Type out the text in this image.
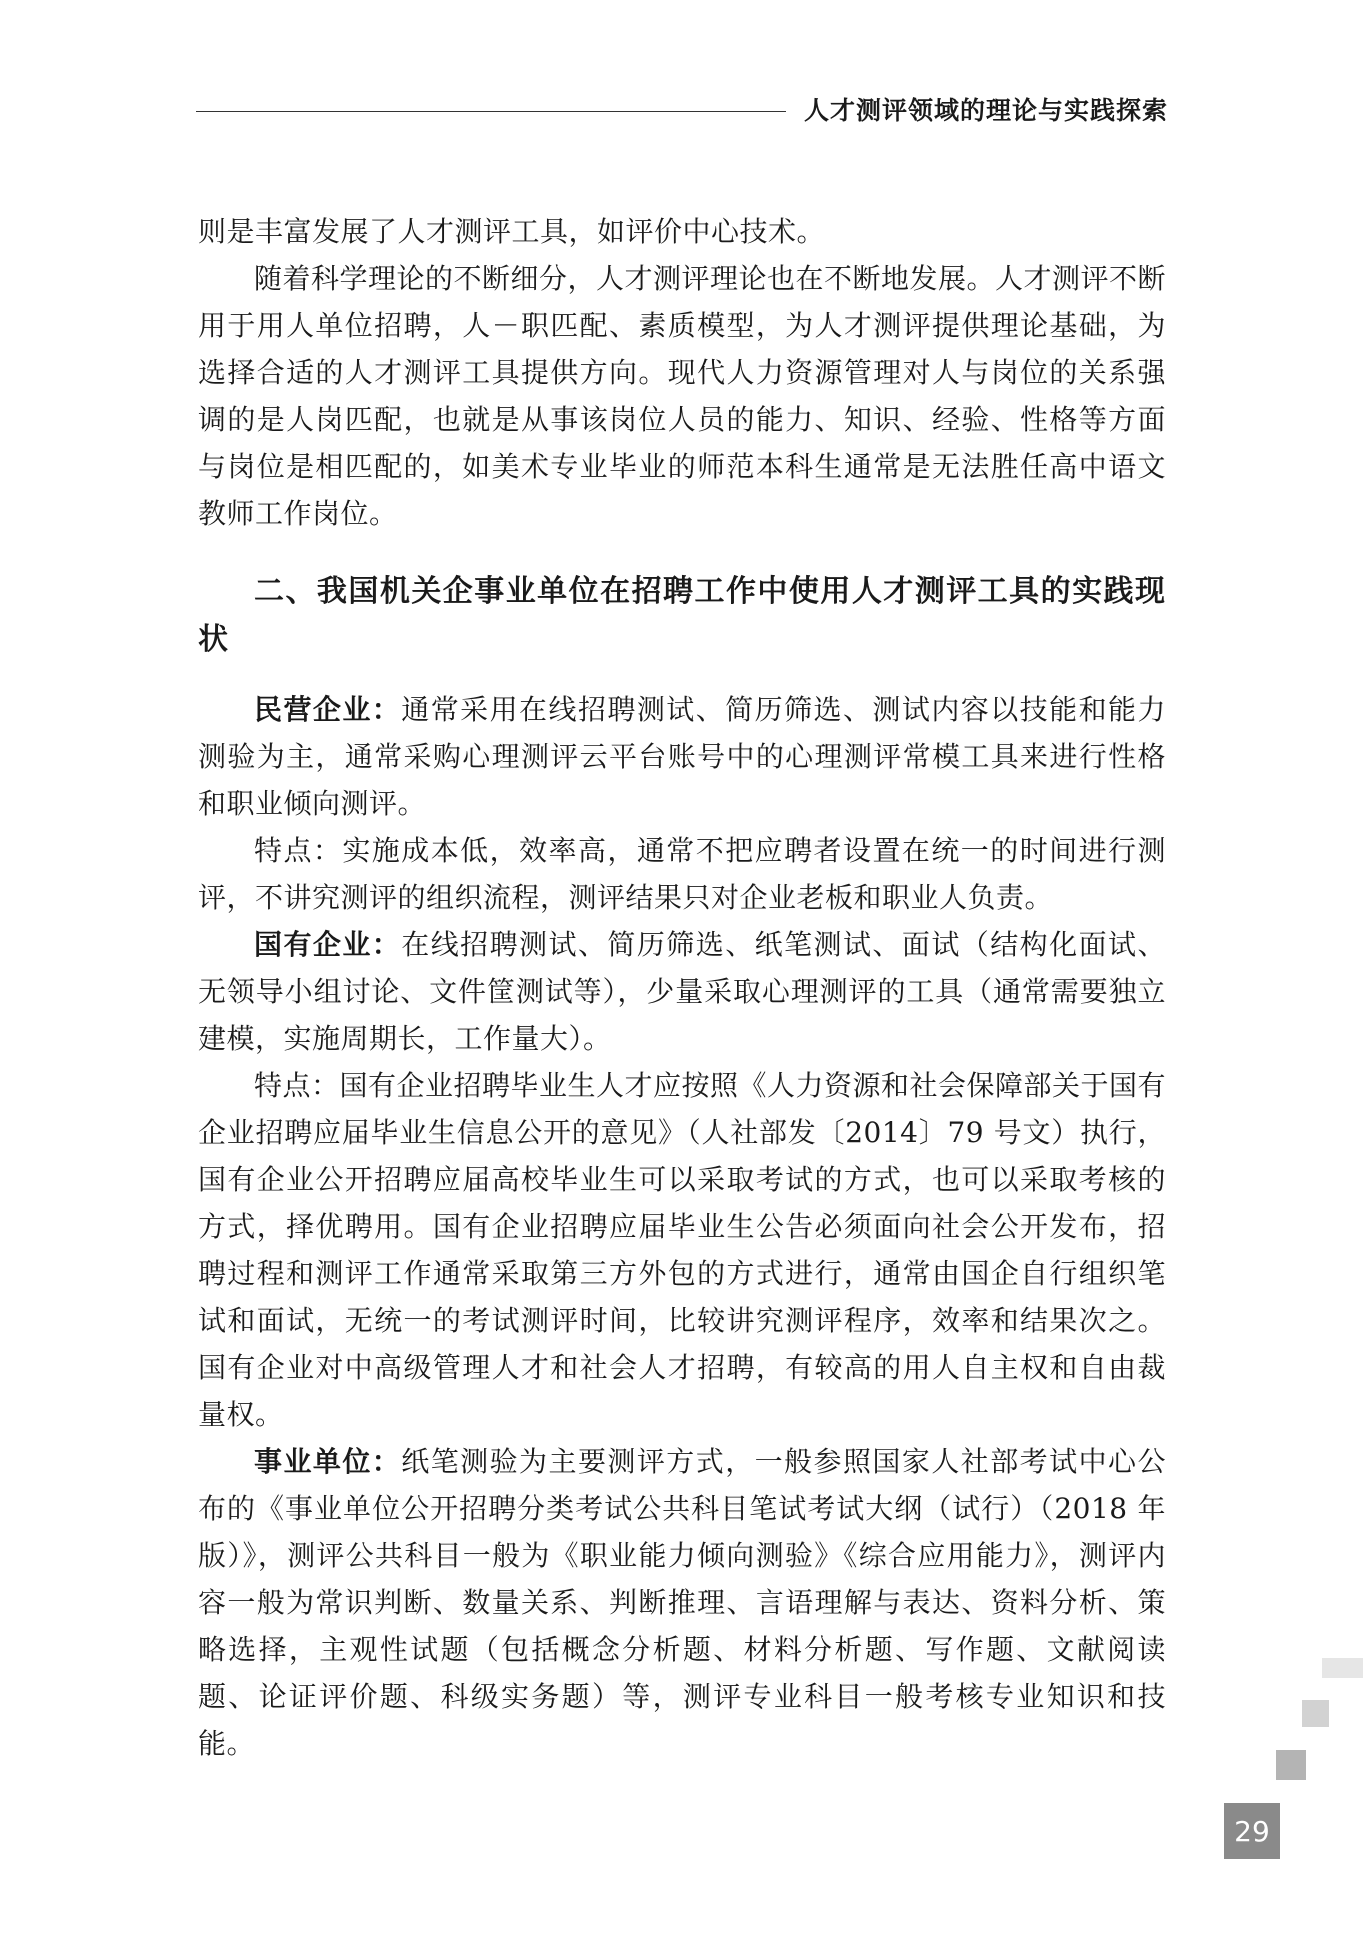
人才测评领域的理论与实践探索

则是丰富发展了人才测评工具，如评价中心技术。

随着科学理论的不断细分，人才测评理论也在不断地发展。人才测评不断用于用人单位招聘，人－职匹配、素质模型，为人才测评提供理论基础，为选择合适的人才测评工具提供方向。现代人力资源管理对人与岗位的关系强调的是人岗匹配，也就是从事该岗位人员的能力、知识、经验、性格等方面与岗位是相匹配的，如美术专业毕业的师范本科生通常是无法胜任高中语文教师工作岗位。

二、我国机关企事业单位在招聘工作中使用人才测评工具的实践现状

民营企业：通常采用在线招聘测试、简历筛选、测试内容以技能和能力测验为主，通常采购心理测评云平台账号中的心理测评常模工具来进行性格和职业倾向测评。

特点：实施成本低，效率高，通常不把应聘者设置在统一的时间进行测评，不讲究测评的组织流程，测评结果只对企业老板和职业人负责。

国有企业：在线招聘测试、简历筛选、纸笔测试、面试（结构化面试、无领导小组讨论、文件筐测试等），少量采取心理测评的工具（通常需要独立建模，实施周期长，工作量大）。

特点：国有企业招聘毕业生人才应按照《人力资源和社会保障部关于国有企业招聘应届毕业生信息公开的意见》（人社部发〔2014〕79 号文）执行，国有企业公开招聘应届高校毕业生可以采取考试的方式，也可以采取考核的方式，择优聘用。国有企业招聘应届毕业生公告必须面向社会公开发布，招聘过程和测评工作通常采取第三方外包的方式进行，通常由国企自行组织笔试和面试，无统一的考试测评时间，比较讲究测评程序，效率和结果次之。国有企业对中高级管理人才和社会人才招聘，有较高的用人自主权和自由裁量权。

事业单位：纸笔测验为主要测评方式，一般参照国家人社部考试中心公布的《事业单位公开招聘分类考试公共科目笔试考试大纲（试行）（2018 年版）》，测评公共科目一般为《职业能力倾向测验》《综合应用能力》，测评内容一般为常识判断、数量关系、判断推理、言语理解与表达、资料分析、策略选择，主观性试题（包括概念分析题、材料分析题、写作题、文献阅读题、论证评价题、科级实务题）等，测评专业科目一般考核专业知识和技能。

29
